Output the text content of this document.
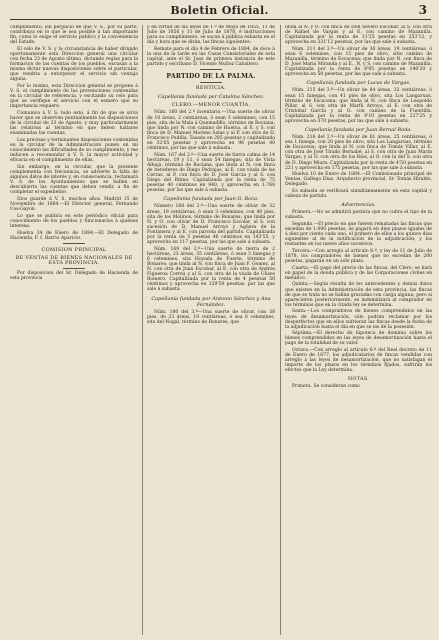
Boletin Oficial.	3

cumplimiento, sin perjuicio de que V. S., por su parte, contribuya en lo que le sea posible á tan importante fin, como lo exige el servicio publico y la conveniencia del Estado.

El celo de V. S. y la circunstancia de haber dirigido oportunamente esta Direccion general una circular con fecha 23 de Agosto último, dictando reglas para la formacion de las cuentas de los pueblos, excusan a la misma dictar nuevas disposiciones sobre el particular, que vendria a entorpecer el servicio sin ventaja alguna.

Por lo mismo, esta Direccion general se propone á V. S. el cumplimiento de las prevenciones contenidas en la circular de referencia, y escitando su celo para que se verifique el servicio con el esmero que su importancia requiere.

Comunico á V. S. todo esto, á fin de que se sirva hacer que se observen puntualmente las disposiciones de la circular de 23 de Agosto, y muy particularmente las relativas al término en que deben hallarse examinadas las cuentas.

Las precisas y terminantes disposiciones contenidas en la circular de la Administracion ponen en mi conocimiento las dificultades de su cumplimiento, y me inducen a recomendar á V. S. la mayor actividad y eficacia en el cumplimiento de ellas.

Sin embargo, en la circular, que la presente complementa con frecuencia, se advierte la falta de algunos datos de interés y, en consecuencia, reclamará V. S. de los Ayuntamientos que se hallen en descubierto las cuentas que deben rendir, a fin de completar el expediente.

Dios guarde á V. S. muchos años. Madrid 15 de Noviembre de 1884.—El Director general, Fernando Cos-Gayon.

Lo que se publica en este periódico oficial para conocimiento de los pueblos y funcionarios á quienes interesa.

Huelva 24 de Enero de 1884.—El Delegado de Hacienda, F. I. Barrio Aparicio.

COMISION PRINCIPAL

DE VENTAS DE BIENES NACIONALES DE ESTA PROVINCIA.

Por disposicion del Sr. Delegado de Hacienda de esta provincia

y en virtud de las leyes de 1.º de Mayo de 1855, 11 de Julio de 1856 y 11 de Julio de 1878, é instrucciones para su cumplimiento, se sacan á pública subasta en el día y hora que se dirán, las fincas siguientes:

Remate para el día 4 de Febrero de 1884, de doce á la una de la tarde en las Casas Consistoriales de esta capital, ante el Sr. Juez de primera instancia de este partido y escribano D. Vicente Muñoz Caballero.

PARTIDO DE LA PALMA.

RENTICIA.

Capellanía fundada por Catalina Sánchez.

CLERO.—MENOR CUANTÍA.

Núm. 160 del 2.º inventario.—Una suerte de olivar de 10 áreas, 2 centiáreas, ó sean 3 celemines, con 15 pies, sita de la Mala á Quemadillo, término de Rociana; que linda por N. con camino de Huelva, al E. y S. con finca de D. Manuel Moreno Salas y al P. con otra de D. Francisco Padilla. Tasada en 285 pesetas y capitalizada en 32'05 pesetas y aprovecha en 96 pesetas 40 céntimos, por las que sale á subasta.

Núm. 167 del 2.º—Una suerte de tierra calma de 14 hectáreas, 19 y 11, ó sean 54 fanegas; sita de Vista Alhaja, término de Rociana; que linda al N. con finca de herederos de Diego Pedrajas, al E. con viuda de las Cerras, al P. con finca de D. José Garcia y al S. con Diego del Ritmo. Capitalizada por la renta de 75 pesetas 40 céntimos en 840, y aprovecha en 1.768 pesetas, por las que sale á subasta.

Capellanía fundada por Juan G. Roca.

Número 168 del 2.º—Una suerte de olivar de 32 áreas, 19 centiáreas, ó sean 3 celemines, con 40 pies, sita de los Molinos, término de Bonares; que linda por N. y O. con olivar de D. Francisco Escolar, al S. con sucesión de D. Manuel Arroyo y Agüera de la Fontanera y al E. con parcela del partido. Capitalizada por la renta de 5 pesetas 46 céntimos en 143'55, y aprovecha en 117 pesetas, por las que sale á subasta.

Núm. 169 del 2.º—Una suerte de tierra de 2 hectáreas, 23 áreas, 35 centiáreas, ó sean 3 fanegas y 6 celemines, sita Hoyada de Fuerte, término de Bonares; que linda al N. con finca de Juan F. Gomez, al N. con otra de Juan Escobar, al E. con otra de Andrés Figueroa Correa y al S. con otra de la viuda de Ulises Romero. Capitalizada por la renta de 4 pesetas 50 céntimos y aprovecha en 129'50 pesetas, por las que sale á subasta.

Capellanía fundada por Antonio Sánchez y Ana Fernández.

Núm. 180 del 3.º—Una suerte de olivar, con 38 pies, de 23 áreas, 19 centiáreas, ó sea 6 celemines, sita del Nogal, término de Bonares, que

linda al N. y O. con finca de Don Severo Escobar, al S. con otra de Rafael de Vargas y al E. con camino de Mazanilla. Capitalizada por la renta de 11'25 pesetas en 253'12, y aprovecha en 331'12 pesetas, por las que sale á subasta.

Núm. 211 del 3.º—Un olivar de 36 áreas, 19 centiáreas, ó sean 6 celemines, con 15 pies de olivo, sitio camino de Mazanilla, término de Escacena; que linda por N. con finca de D. José Maria Miranda y al E., N. y S. con camino de Mazanilla. Capitalizada por la renta de 8'95 pesetas en 140'20 y aprovecha en 50 pesetas, por las que sale á subasta.

Capellanía fundada por Lucas de Vargas.

Núm. 215 del 3.º—Un olivar de 84 áreas, 32 centiáreas, ó sean 15 fanegas, con 41 pies de olivo, sita Los Langaruas, término de Escacena; que linda al N. con finca de Leopoldo Pillar, al S. con otra de Marfil Arroyo, al E. con otra de Cristobal García y al O. con camino de la Fuentilla. Capitalizada por la renta de 9'10 pesetas en 227'25 y aprovecha en 370 pesetas, por las que sale á subasta.

Capellanía fundada por Juan Bernal Roda.

Núm. 216 del 3.º—Un olivar de 61 áreas, 25 centiáreas, ó sea 1 fanega, con 20 pies de olivo, sita Los Langaruas, término de Escacena; que linda al N. con finca de Tomás Villar, al E. con otra de José Tirado Bernabé, al S. con otra de Juan Marin Vargas, y al O. con otra de los Ríos, al O. con la del S. con otra de D. Diego Miura. Capitalizada por la renta de 4'50 pesetas en 221 y aprovecha en 175 pesetas, por las que sale á subasta.

Huelva 10 de Enero de 1884.—El Comisionado principal de Ventas, Gallego Diaz, Arquitecto provincial, Sr. Tomás Hiraldo, Delegado.

Es subasta se verificará simultáneamente en esta capital y cabeza de partido.

Advertencias.

Primera.—No se admitirá postura que no cubra el tipo de la subasta.

Segunda.—El precio en que fueren rematadas las fincas que excedan de 1.000 pesetas, se pagará en diez plazos iguales de á diez por ciento cada uno, el primero de ellos a los quince días siguientes al de la notificación de la adjudicación; y los restantes en los nueve años sucesivos.

Tercera.—Con arreglo al artículo 6.º, y ley de 11 de Julio de 1878, los compradores de bienes que no excedan de 200 pesetas, pagarán en un solo plazo.

Cuarta.—El pago del precio de las fincas, del Clero, se hará en papel de la deuda pública y de las Corporaciones civiles en metálico.

Quinta.—Según resulta de los antecedentes y demás datos que existen en la Administración de esta provincia, las fincas de que se trata no se hallan gravadas con carga alguna; pero si aparecieren posteriormente, se indemnizará al comprador en los términos que en la citada ley se determina.

Sexta.—Los compradores de bienes comprendidos en las leyes de desamortización, sólo podrán reclamar por los desperfectos que en ellos sufrieran las fincas desde la fecha de la adjudicación hasta el día en que se les dé la posesión.

Séptima.—El derecho de hipoteca de dominio sobre los bienes comprendidos en las leyes de desamortización hasta el pago de la totalidad de su valor.

Octava.—Con arreglo al artículo 6.º del Real decreto de 11 de Enero de 1877, los adjudicatarios de fincas vendidas con arreglo á las leyes de desamortización, que no satisfagan el importe de los plazos en los términos fijados, sufrirán los efectos que la Ley determina.

NOTAS.

Primera. Se consideran como
